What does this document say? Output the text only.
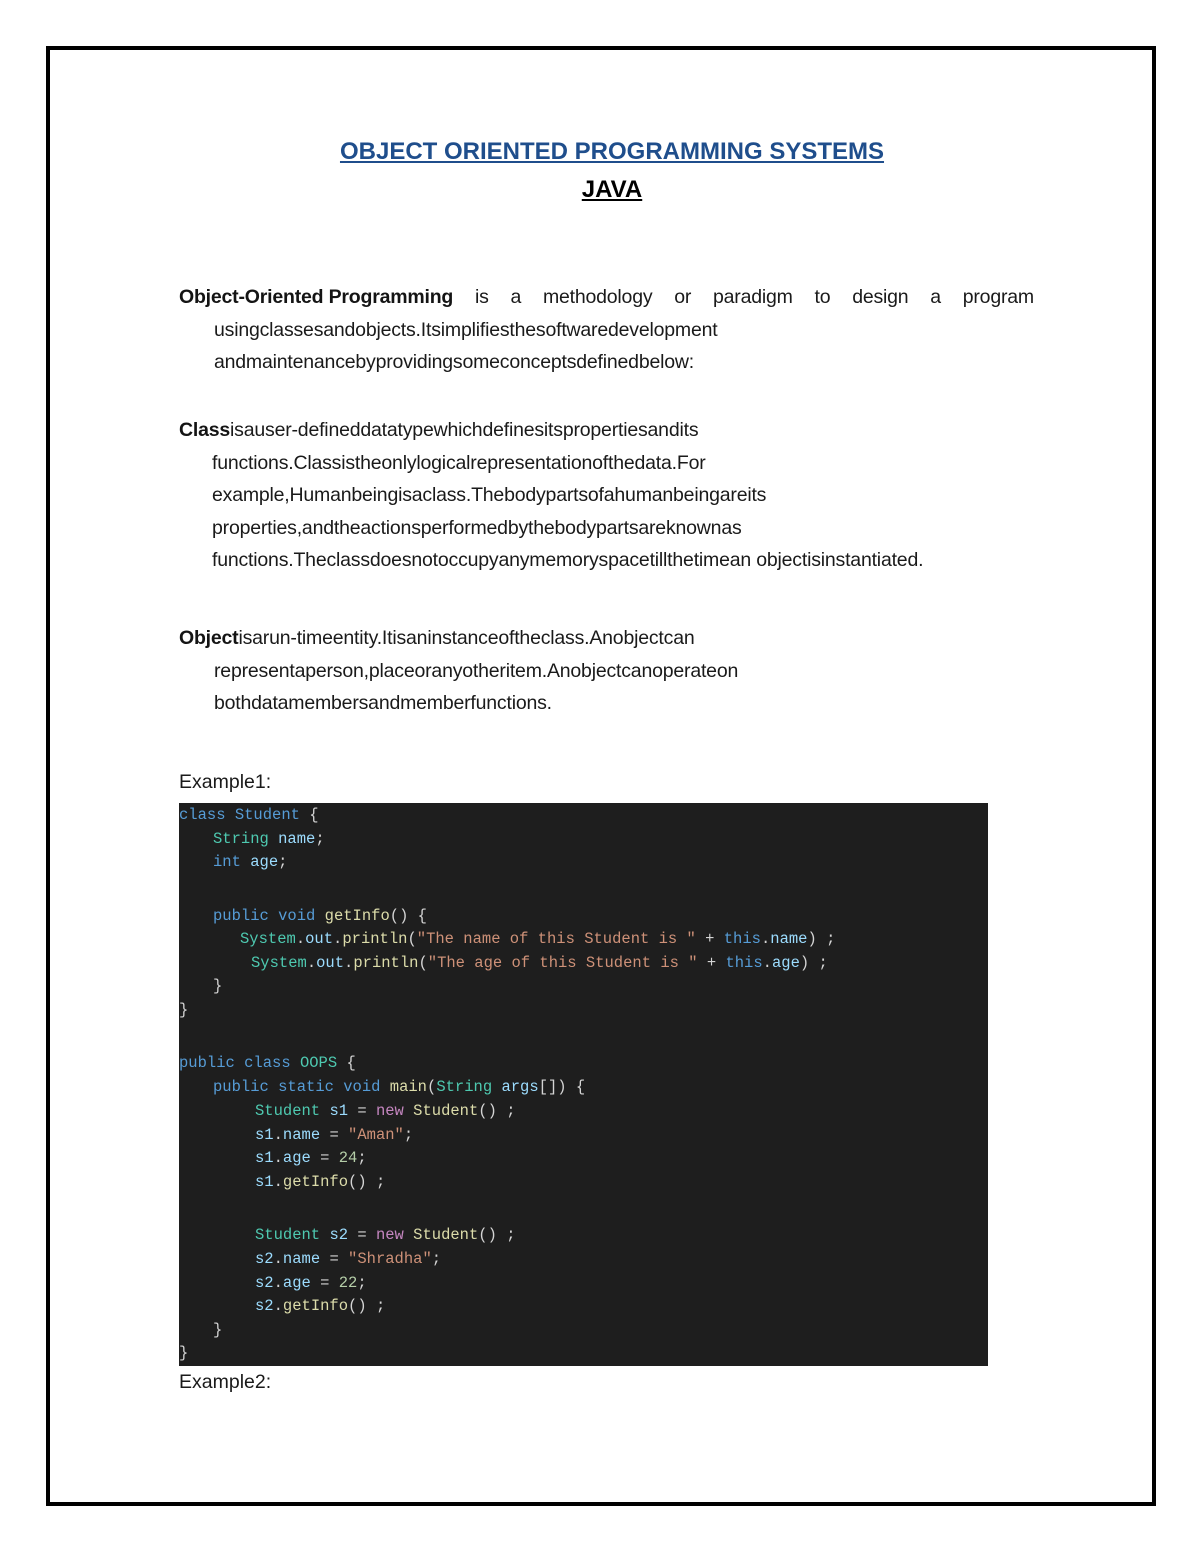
OBJECT ORIENTED PROGRAMMING SYSTEMS
JAVA
Object-Oriented Programming is a methodology or paradigm to design a program
usingclassesandobjects.Itsimplifiesthesoftwaredevelopment
andmaintenancebyprovidingsomeconceptsdefinedbelow:
Classisauser-defineddatatypewhichdefinesitspropertiesandits
functions.Classistheonlylogicalrepresentationofthedata.For
example,Humanbeingisaclass.Thebodypartsofahumanbeingareits
properties,andtheactionsperformedbythebodypartsareknownas
functions.Theclassdoesnotoccupyanymemoryspacetillthetimean objectisinstantiated.
Objectisarun-timeentity.Itisaninstanceoftheclass.Anobjectcan
representaperson,placeoranyotheritem.Anobjectcanoperateon
bothdatamembersandmemberfunctions.
Example1:
class Student {
String name;
int age;
public void getInfo() {
System.out.println("The name of this Student is " + this.name) ;
System.out.println("The age of this Student is " + this.age) ;
}
}
public class OOPS {
public static void main(String args[]) {
Student s1 = new Student() ;
s1.name = "Aman";
s1.age = 24;
s1.getInfo() ;
Student s2 = new Student() ;
s2.name = "Shradha";
s2.age = 22;
s2.getInfo() ;
}
}
Example2:
